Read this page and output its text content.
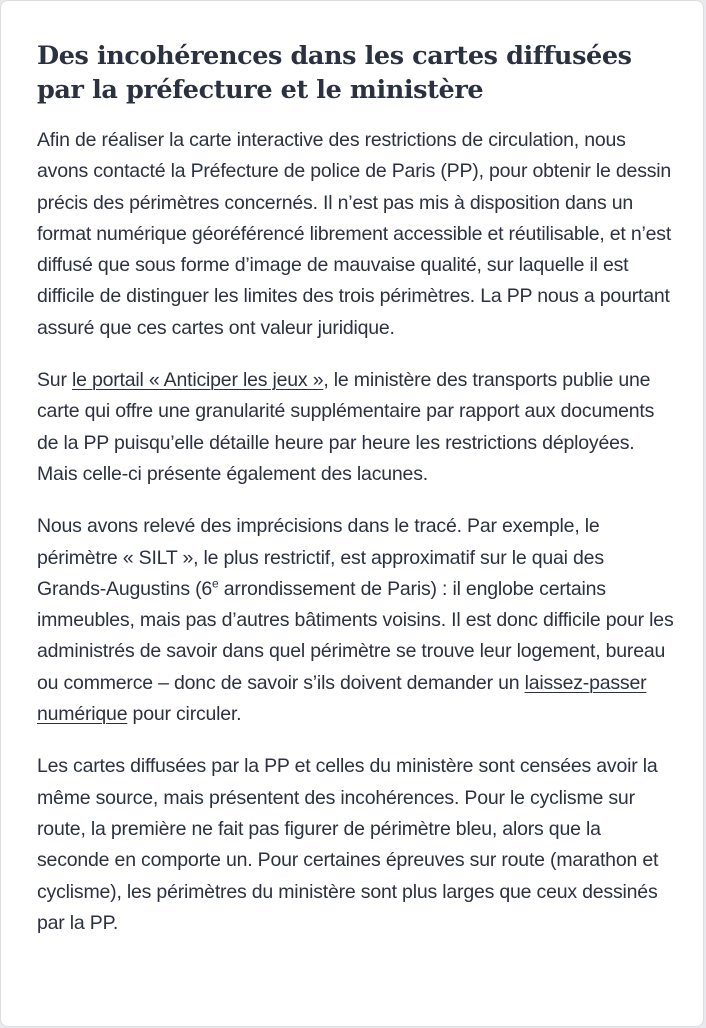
Des incohérences dans les cartes diffusées par la préfecture et le ministère

Afin de réaliser la carte interactive des restrictions de circulation, nous avons contacté la Préfecture de police de Paris (PP), pour obtenir le dessin précis des périmètres concernés. Il n’est pas mis à disposition dans un format numérique géoréférencé librement accessible et réutilisable, et n’est diffusé que sous forme d’image de mauvaise qualité, sur laquelle il est difficile de distinguer les limites des trois périmètres. La PP nous a pourtant assuré que ces cartes ont valeur juridique.

Sur le portail « Anticiper les jeux », le ministère des transports publie une carte qui offre une granularité supplémentaire par rapport aux documents de la PP puisqu’elle détaille heure par heure les restrictions déployées. Mais celle-ci présente également des lacunes.

Nous avons relevé des imprécisions dans le tracé. Par exemple, le périmètre « SILT », le plus restrictif, est approximatif sur le quai des Grands-Augustins (6e arrondissement de Paris) : il englobe certains immeubles, mais pas d’autres bâtiments voisins. Il est donc difficile pour les administrés de savoir dans quel périmètre se trouve leur logement, bureau ou commerce – donc de savoir s’ils doivent demander un laissez-passer numérique pour circuler.

Les cartes diffusées par la PP et celles du ministère sont censées avoir la même source, mais présentent des incohérences. Pour le cyclisme sur route, la première ne fait pas figurer de périmètre bleu, alors que la seconde en comporte un. Pour certaines épreuves sur route (marathon et cyclisme), les périmètres du ministère sont plus larges que ceux dessinés par la PP.
